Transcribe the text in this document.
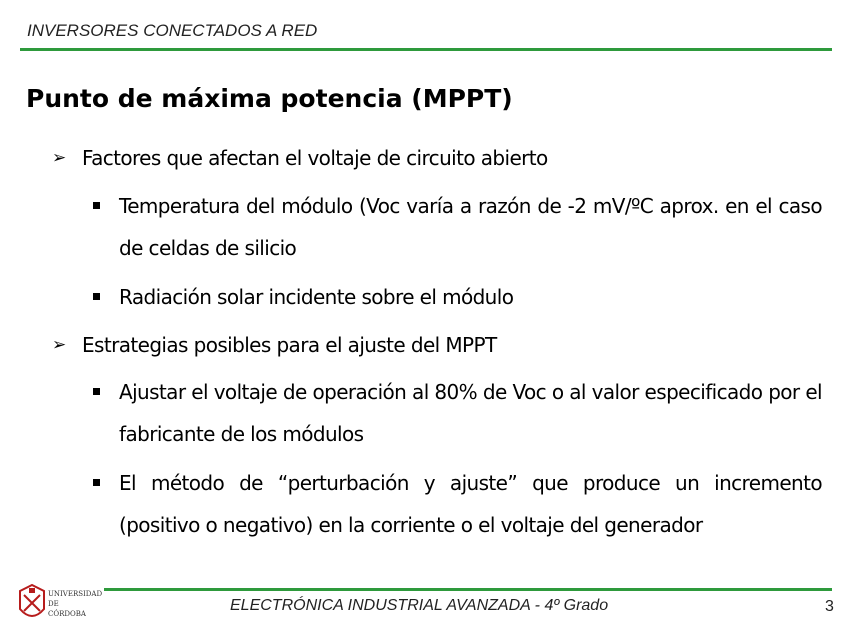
INVERSORES CONECTADOS A RED
Punto de máxima potencia (MPPT)
➢ Factores que afectan el voltaje de circuito abierto
Temperatura del módulo (Voc varía a razón de -2 mV/ºC aprox. en el caso de celdas de silicio
Radiación solar incidente sobre el módulo
➢ Estrategias posibles para el ajuste del MPPT
Ajustar el voltaje de operación al 80% de Voc o al valor especificado por el fabricante de los módulos
El método de “perturbación y ajuste” que produce un incremento (positivo o negativo) en la corriente o el voltaje del generador
UNIVERSIDAD
DE
CÓRDOBA	ELECTRÓNICA INDUSTRIAL AVANZADA - 4º Grado	3
